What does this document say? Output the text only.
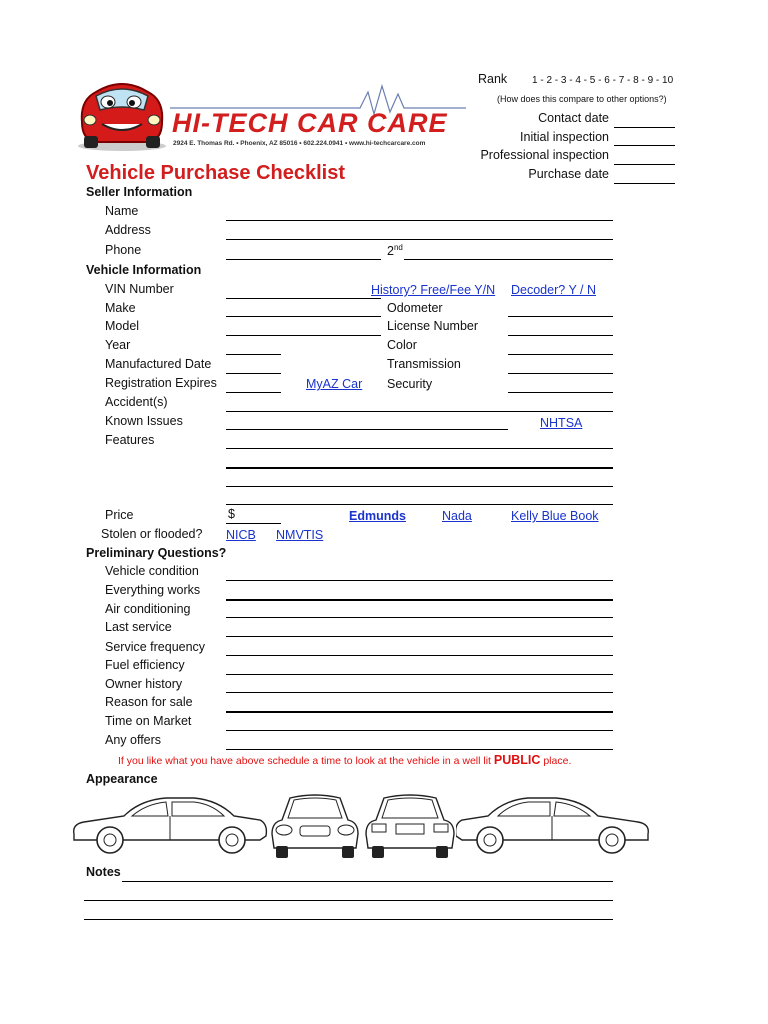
HI-TECH CAR CARE
2924 E. Thomas Rd. • Phoenix, AZ 85016 • 602.224.0941 • www.hi-techcarcare.com
Rank 1 - 2 - 3 - 4 - 5 - 6 - 7 - 8 - 9 - 10
(How does this compare to other options?)
Contact date
Initial inspection
Professional inspection
Purchase date
Vehicle Purchase Checklist
Seller Information
Name
Address
Phone	2nd
Vehicle Information
VIN Number	History? Free/Fee Y/N Decoder? Y / N
Make	Odometer
Model	License Number
Year	Color
Manufactured Date	Transmission
Registration Expires	MyAZ Car Security
Accident(s)
Known Issues	NHTSA
Features
Price	$	Edmunds	Nada	Kelly Blue Book
Stolen or flooded? NICB NMVTIS
Preliminary Questions?
Vehicle condition
Everything works
Air conditioning
Last service
Service frequency
Fuel efficiency
Owner history
Reason for sale
Time on Market
Any offers
If you like what you have above schedule a time to look at the vehicle in a well lit PUBLIC place.
Appearance
Notes
